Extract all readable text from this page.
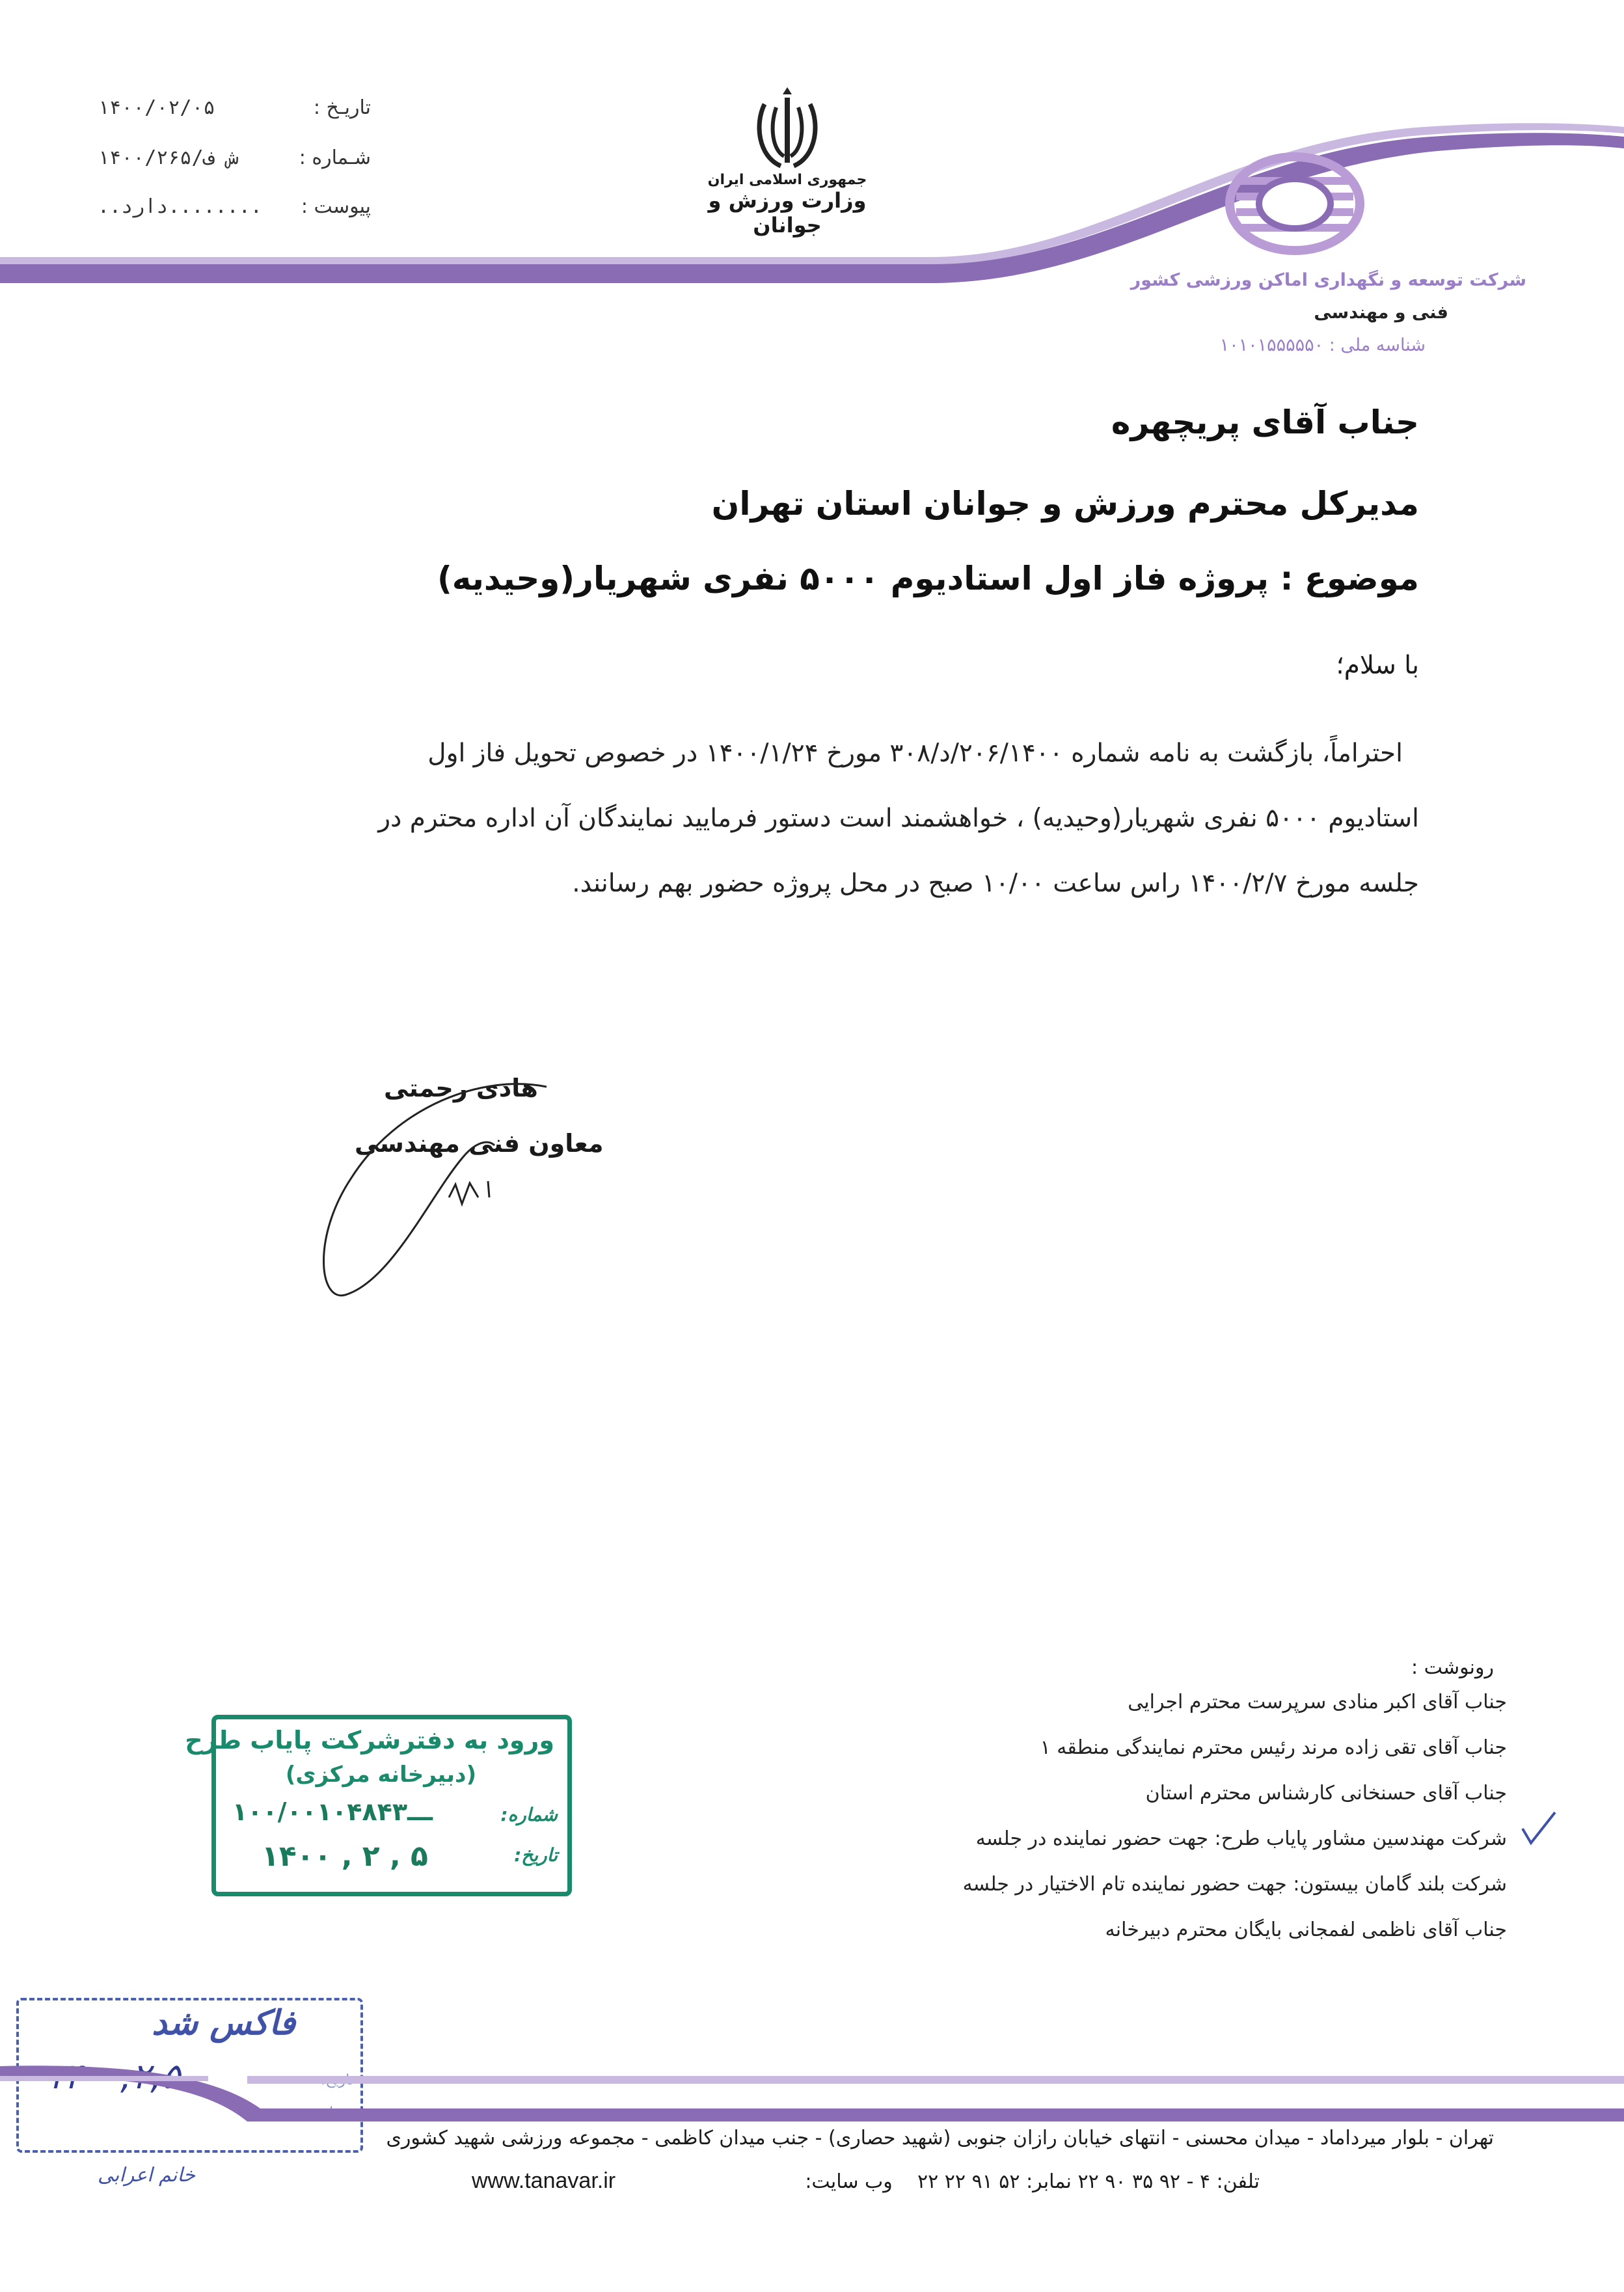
تاریـخ :
۱۴۰۰/۰۲/۰۵
شـماره :
۱۴۰۰/۲۶۵/ش ف
پیوست :
..دارد........
جمهوری اسلامی ایران
وزارت ورزش و جوانان
شرکت توسعه و نگهداری اماکن ورزشی کشور
فنی و مهندسی
شناسه ملی : ۱۰۱۰۱۵۵۵۵۵۰
جناب آقای پریچهره
مدیرکل محترم ورزش و جوانان استان تهران
موضوع : پروژه فاز اول استادیوم ۵۰۰۰ نفری شهریار(وحیدیه)
با سلام؛
احتراماً، بازگشت به نامه شماره ۲۰۶/۱۴۰۰/د/۳۰۸ مورخ ۱۴۰۰/۱/۲۴ در خصوص تحویل فاز اول
استادیوم ۵۰۰۰ نفری شهریار(وحیدیه) ، خواهشمند است دستور فرمایید نمایندگان آن اداره محترم در
جلسه مورخ ۱۴۰۰/۲/۷ راس ساعت ۱۰/۰۰ صبح در محل پروژه حضور بهم رسانند.
هادی رحمتی
معاون فنی مهندسی
رونوشت :
جناب آقای اکبر منادی سرپرست محترم اجرایی
جناب آقای تقی زاده مرند رئیس محترم نمایندگی منطقه ۱
جناب آقای حسنخانی کارشناس محترم استان
شرکت مهندسین مشاور پایاب طرح: جهت حضور نماینده در جلسه
شرکت بلند گامان بیستون: جهت حضور نماینده تام الاختیار در جلسه
جناب آقای ناظمی لفمجانی بایگان محترم دبیرخانه
ورود به دفترشرکت پایاب طرح
(دبیرخانه مرکزی)
شماره:
۱۰۰/۰۰ـــ۱۰۴۸۴۳
تاریخ:
۱۴۰۰ , ۲ , ۵
فاکس شد
خانم اعرابی
تهران - بلوار میرداماد - میدان محسنی - انتهای خیابان رازان جنوبی (شهید حصاری) - جنب میدان کاظمی - مجموعه ورزشی شهید کشوری
تلفن: ۴ - ۹۲ ۳۵ ۹۰ ۲۲ نمابر: ۵۲ ۹۱ ۲۲ ۲۲    وب سایت:
www.tanavar.ir
